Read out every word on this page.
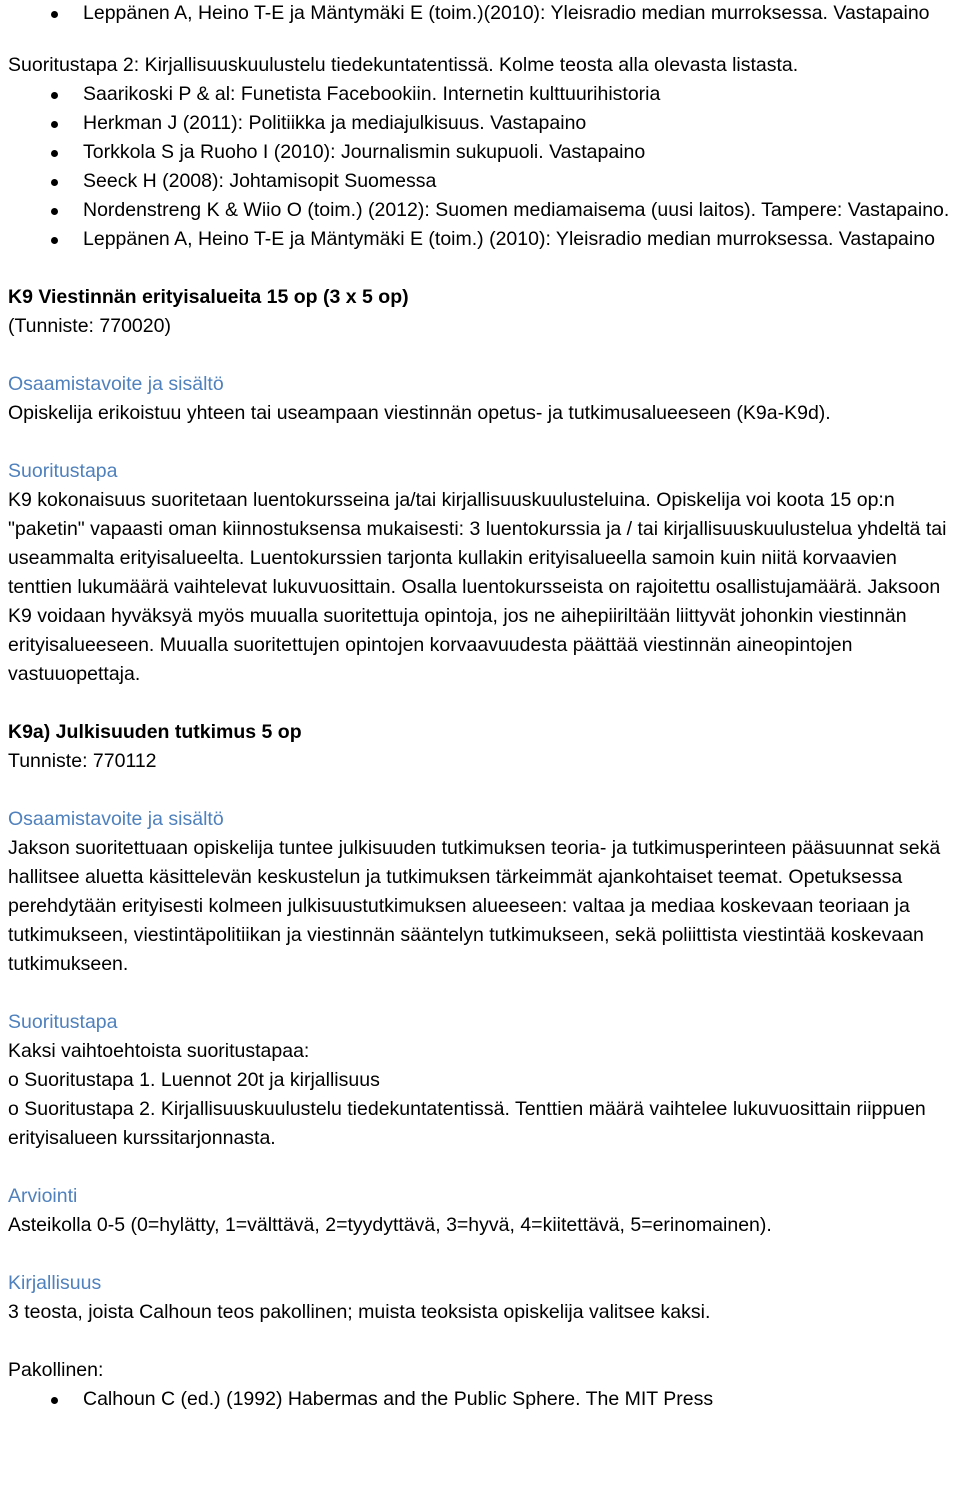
Leppänen A, Heino T-E ja Mäntymäki E (toim.)(2010): Yleisradio median murroksessa. Vastapaino

Suoritustapa 2: Kirjallisuuskuulustelu tiedekuntatentissä. Kolme teosta alla olevasta listasta.

Saarikoski P & al: Funetista Facebookiin. Internetin kulttuurihistoria
Herkman J (2011): Politiikka ja mediajulkisuus. Vastapaino
Torkkola S ja Ruoho I (2010): Journalismin sukupuoli. Vastapaino
Seeck H (2008): Johtamisopit Suomessa
Nordenstreng K & Wiio O (toim.) (2012): Suomen mediamaisema (uusi laitos). Tampere: Vastapaino.
Leppänen A, Heino T-E ja Mäntymäki E (toim.) (2010): Yleisradio median murroksessa. Vastapaino

K9 Viestinnän erityisalueita 15 op (3 x 5 op)

(Tunniste: 770020)

Osaamistavoite ja sisältö

Opiskelija erikoistuu yhteen tai useampaan viestinnän opetus- ja tutkimusalueeseen (K9a-K9d).

Suoritustapa

K9 kokonaisuus suoritetaan luentokursseina ja/tai kirjallisuuskuulusteluina. Opiskelija voi koota 15 op:n "paketin" vapaasti oman kiinnostuksensa mukaisesti: 3 luentokurssia ja / tai kirjallisuuskuulustelua yhdeltä tai useammalta erityisalueelta. Luentokurssien tarjonta kullakin erityisalueella samoin kuin niitä korvaavien tenttien lukumäärä vaihtelevat lukuvuosittain. Osalla luentokursseista on rajoitettu osallistujamäärä. Jaksoon K9 voidaan hyväksyä myös muualla suoritettuja opintoja, jos ne aihepiiriltään liittyvät johonkin viestinnän erityisalueeseen. Muualla suoritettujen opintojen korvaavuudesta päättää viestinnän aineopintojen vastuuopettaja.

K9a) Julkisuuden tutkimus 5 op

Tunniste: 770112

Osaamistavoite ja sisältö

Jakson suoritettuaan opiskelija tuntee julkisuuden tutkimuksen teoria- ja tutkimusperinteen pääsuunnat sekä hallitsee aluetta käsittelevän keskustelun ja tutkimuksen tärkeimmät ajankohtaiset teemat. Opetuksessa perehdytään erityisesti kolmeen julkisuustutkimuksen alueeseen: valtaa ja mediaa koskevaan teoriaan ja tutkimukseen, viestintäpolitiikan ja viestinnän sääntelyn tutkimukseen, sekä poliittista viestintää koskevaan tutkimukseen.

Suoritustapa

Kaksi vaihtoehtoista suoritustapaa:

o Suoritustapa 1. Luennot 20t ja kirjallisuus

o Suoritustapa 2. Kirjallisuuskuulustelu tiedekuntatentissä. Tenttien määrä vaihtelee lukuvuosittain riippuen erityisalueen kurssitarjonnasta.

Arviointi

Asteikolla 0-5 (0=hylätty, 1=välttävä, 2=tyydyttävä, 3=hyvä, 4=kiitettävä, 5=erinomainen).

Kirjallisuus

3 teosta, joista Calhoun teos pakollinen; muista teoksista opiskelija valitsee kaksi.

Pakollinen:

Calhoun C (ed.) (1992) Habermas and the Public Sphere. The MIT Press
